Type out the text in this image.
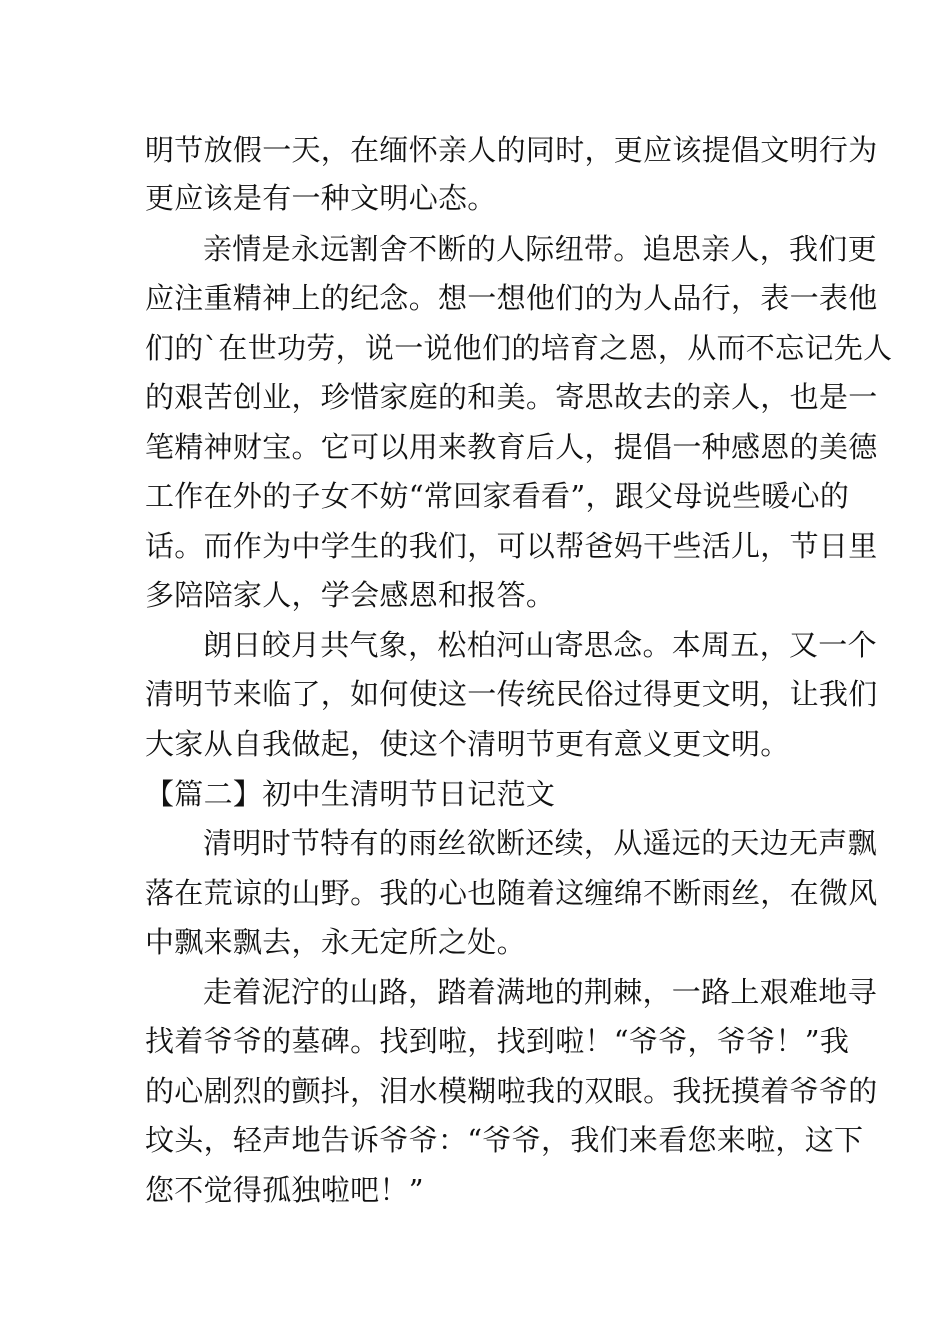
明节放假一天，在缅怀亲人的同时，更应该提倡文明行为
更应该是有一种文明心态。
亲情是永远割舍不断的人际纽带。追思亲人，我们更
应注重精神上的纪念。想一想他们的为人品行，表一表他
们的`在世功劳，说一说他们的培育之恩，从而不忘记先人
的艰苦创业，珍惜家庭的和美。寄思故去的亲人，也是一
笔精神财宝。它可以用来教育后人，提倡一种感恩的美德
工作在外的子女不妨“常回家看看”，跟父母说些暖心的
话。而作为中学生的我们，可以帮爸妈干些活儿，节日里
多陪陪家人，学会感恩和报答。
朗日皎月共气象，松柏河山寄思念。本周五，又一个
清明节来临了，如何使这一传统民俗过得更文明，让我们
大家从自我做起，使这个清明节更有意义更文明。
【篇二】初中生清明节日记范文
清明时节特有的雨丝欲断还续，从遥远的天边无声飘
落在荒谅的山野。我的心也随着这缠绵不断雨丝，在微风
中飘来飘去，永无定所之处。
走着泥泞的山路，踏着满地的荆棘，一路上艰难地寻
找着爷爷的墓碑。找到啦，找到啦！“爷爷，爷爷！”我
的心剧烈的颤抖，泪水模糊啦我的双眼。我抚摸着爷爷的
坟头，轻声地告诉爷爷：“爷爷，我们来看您来啦，这下
您不觉得孤独啦吧！”
